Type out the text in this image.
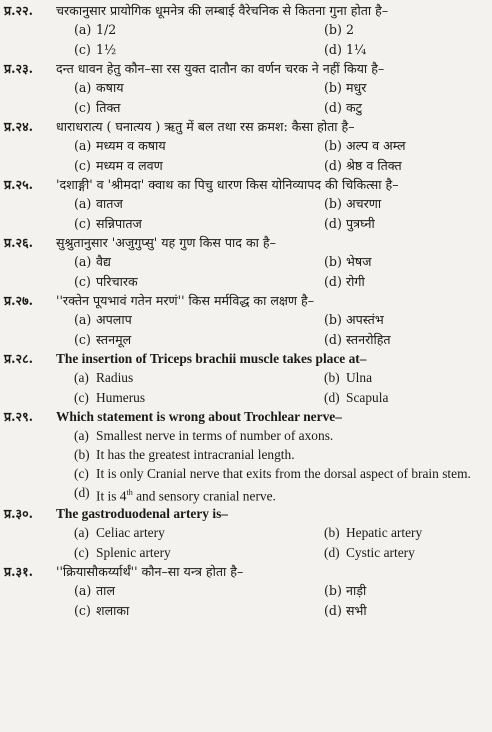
प्र.२२.	चरकानुसार प्रायोगिक धूमनेत्र की लम्बाई वैरेचनिक से कितना गुना होता है–
(a) 1/2	(b) 2
(c) 1½	(d) 1¼
प्र.२३.	दन्त धावन हेतु कौन–सा रस युक्त दातौन का वर्णन चरक ने नहीं किया है–
(a) कषाय	(b) मधुर
(c) तिक्त	(d) कटु
प्र.२४.	धाराधरात्य ( घनात्यय ) ऋतु में बल तथा रस क्रमश: कैसा होता है–
(a) मध्यम व कषाय	(b) अल्प व अम्ल
(c) मध्यम व लवण	(d) श्रेष्ठ व तिक्त
प्र.२५.	'दशाङ्गी' व 'श्रीमदा' क्वाथ का पिचु धारण किस योनिव्यापद की चिकित्सा है–
(a) वातज	(b) अचरणा
(c) सन्निपातज	(d) पुत्रघ्नी
प्र.२६.	सुश्रुतानुसार 'अजुगुप्सु' यह गुण किस पाद का है–
(a) वैद्य	(b) भेषज
(c) परिचारक	(d) रोगी
प्र.२७.	''रक्तेन पूयभावं गतेन मरणं'' किस मर्मविद्ध का लक्षण है–
(a) अपलाप	(b) अपस्तंभ
(c) स्तनमूल	(d) स्तनरोहित
प्र.२८.	The insertion of Triceps brachii muscle takes place at–
(a) Radius	(b) Ulna
(c) Humerus	(d) Scapula
प्र.२९.	Which statement is wrong about Trochlear nerve–
(a) Smallest nerve in terms of number of axons.
(b) It has the greatest intracranial length.
(c) It is only Cranial nerve that exits from the dorsal aspect of brain stem.
(d) It is 4th and sensory cranial nerve.
प्र.३०.	The gastroduodenal artery is–
(a) Celiac artery	(b) Hepatic artery
(c) Splenic artery	(d) Cystic artery
प्र.३१.	''क्रियासौकर्य्यार्थं'' कौन–सा यन्त्र होता है–
(a) ताल	(b) नाड़ी
(c) शलाका	(d) सभी
